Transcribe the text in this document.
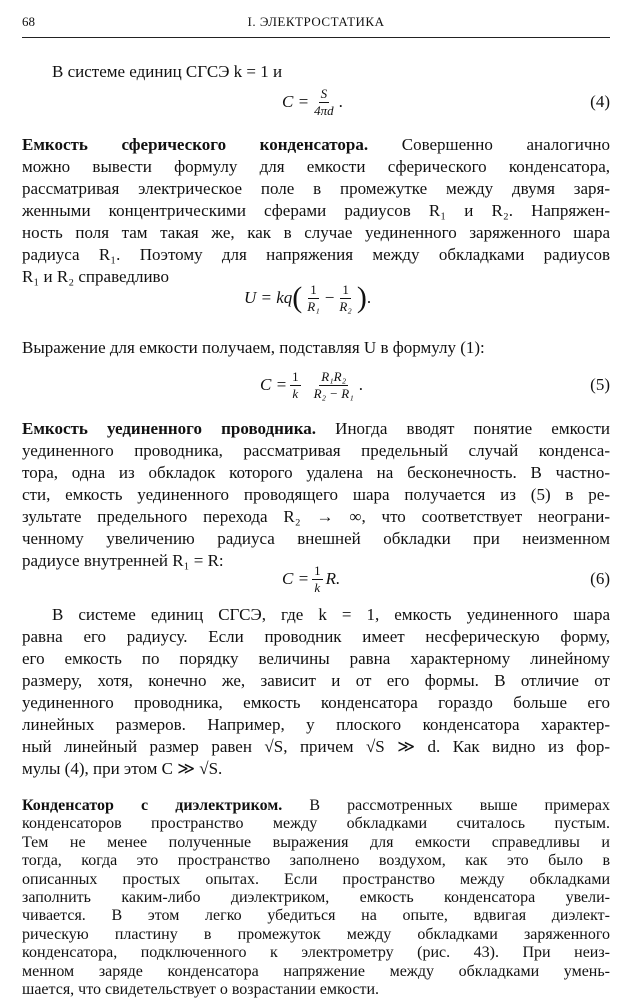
68	I. ЭЛЕКТРОСТАТИКА
В системе единиц СГСЭ k = 1 и
$C = \frac{S}{4\pi d}$ .	(4)
Емкость сферического конденсатора. Совершенно аналогично
можно вывести формулу для емкости сферического конденсатора,
рассматривая электрическое поле в промежутке между двумя заря-
женными концентрическими сферами радиусов R₁ и R₂. Напряжен-
ность поля там такая же, как в случае уединенного заряженного шара
радиуса R₁. Поэтому для напряжения между обкладками радиусов
R₁ и R₂ справедливо
U = kq ( $\frac{1}{\text{R₁}} - \frac{1}{\text{R₂}}$ ) .
Выражение для емкости получаем, подставляя U в формулу (1):
$C = \frac{1}{k} \frac{\text{R₁R₂}}{\text{R₂ − R₁}}$ .	(5)
Емкость уединенного проводника. Иногда вводят понятие емкости
уединенного проводника, рассматривая предельный случай конденса-
тора, одна из обкладок которого удалена на бесконечность. В частно-
сти, емкость уединенного проводящего шара получается из (5) в ре-
зультате предельного перехода R₂ → ∞, что соответствует неограни-
ченному увеличению радиуса внешней обкладки при неизменном
радиусе внутренней R₁ = R:
$C = \frac{1}{k} R$.	(6)
В системе единиц СГСЭ, где k = 1, емкость уединенного шара
равна его радиусу. Если проводник имеет несферическую форму,
его емкость по порядку величины равна характерному линейному
размеру, хотя, конечно же, зависит и от его формы. В отличие от
уединенного проводника, емкость конденсатора гораздо больше его
линейных размеров. Например, у плоского конденсатора характер-
ный линейный размер равен √S, причем √S ≫ d. Как видно из фор-
мулы (4), при этом C ≫ √S.
Конденсатор с диэлектриком. В рассмотренных выше примерах
конденсаторов пространство между обкладками считалось пустым.
Тем не менее полученные выражения для емкости справедливы и
тогда, когда это пространство заполнено воздухом, как это было в
описанных простых опытах. Если пространство между обкладками
заполнить каким-либо диэлектриком, емкость конденсатора увели-
чивается. В этом легко убедиться на опыте, вдвигая диэлект-
рическую пластину в промежуток между обкладками заряженного
конденсатора, подключенного к электрометру (рис. 43). При неиз-
менном заряде конденсатора напряжение между обкладками умень-
шается, что свидетельствует о возрастании емкости.
